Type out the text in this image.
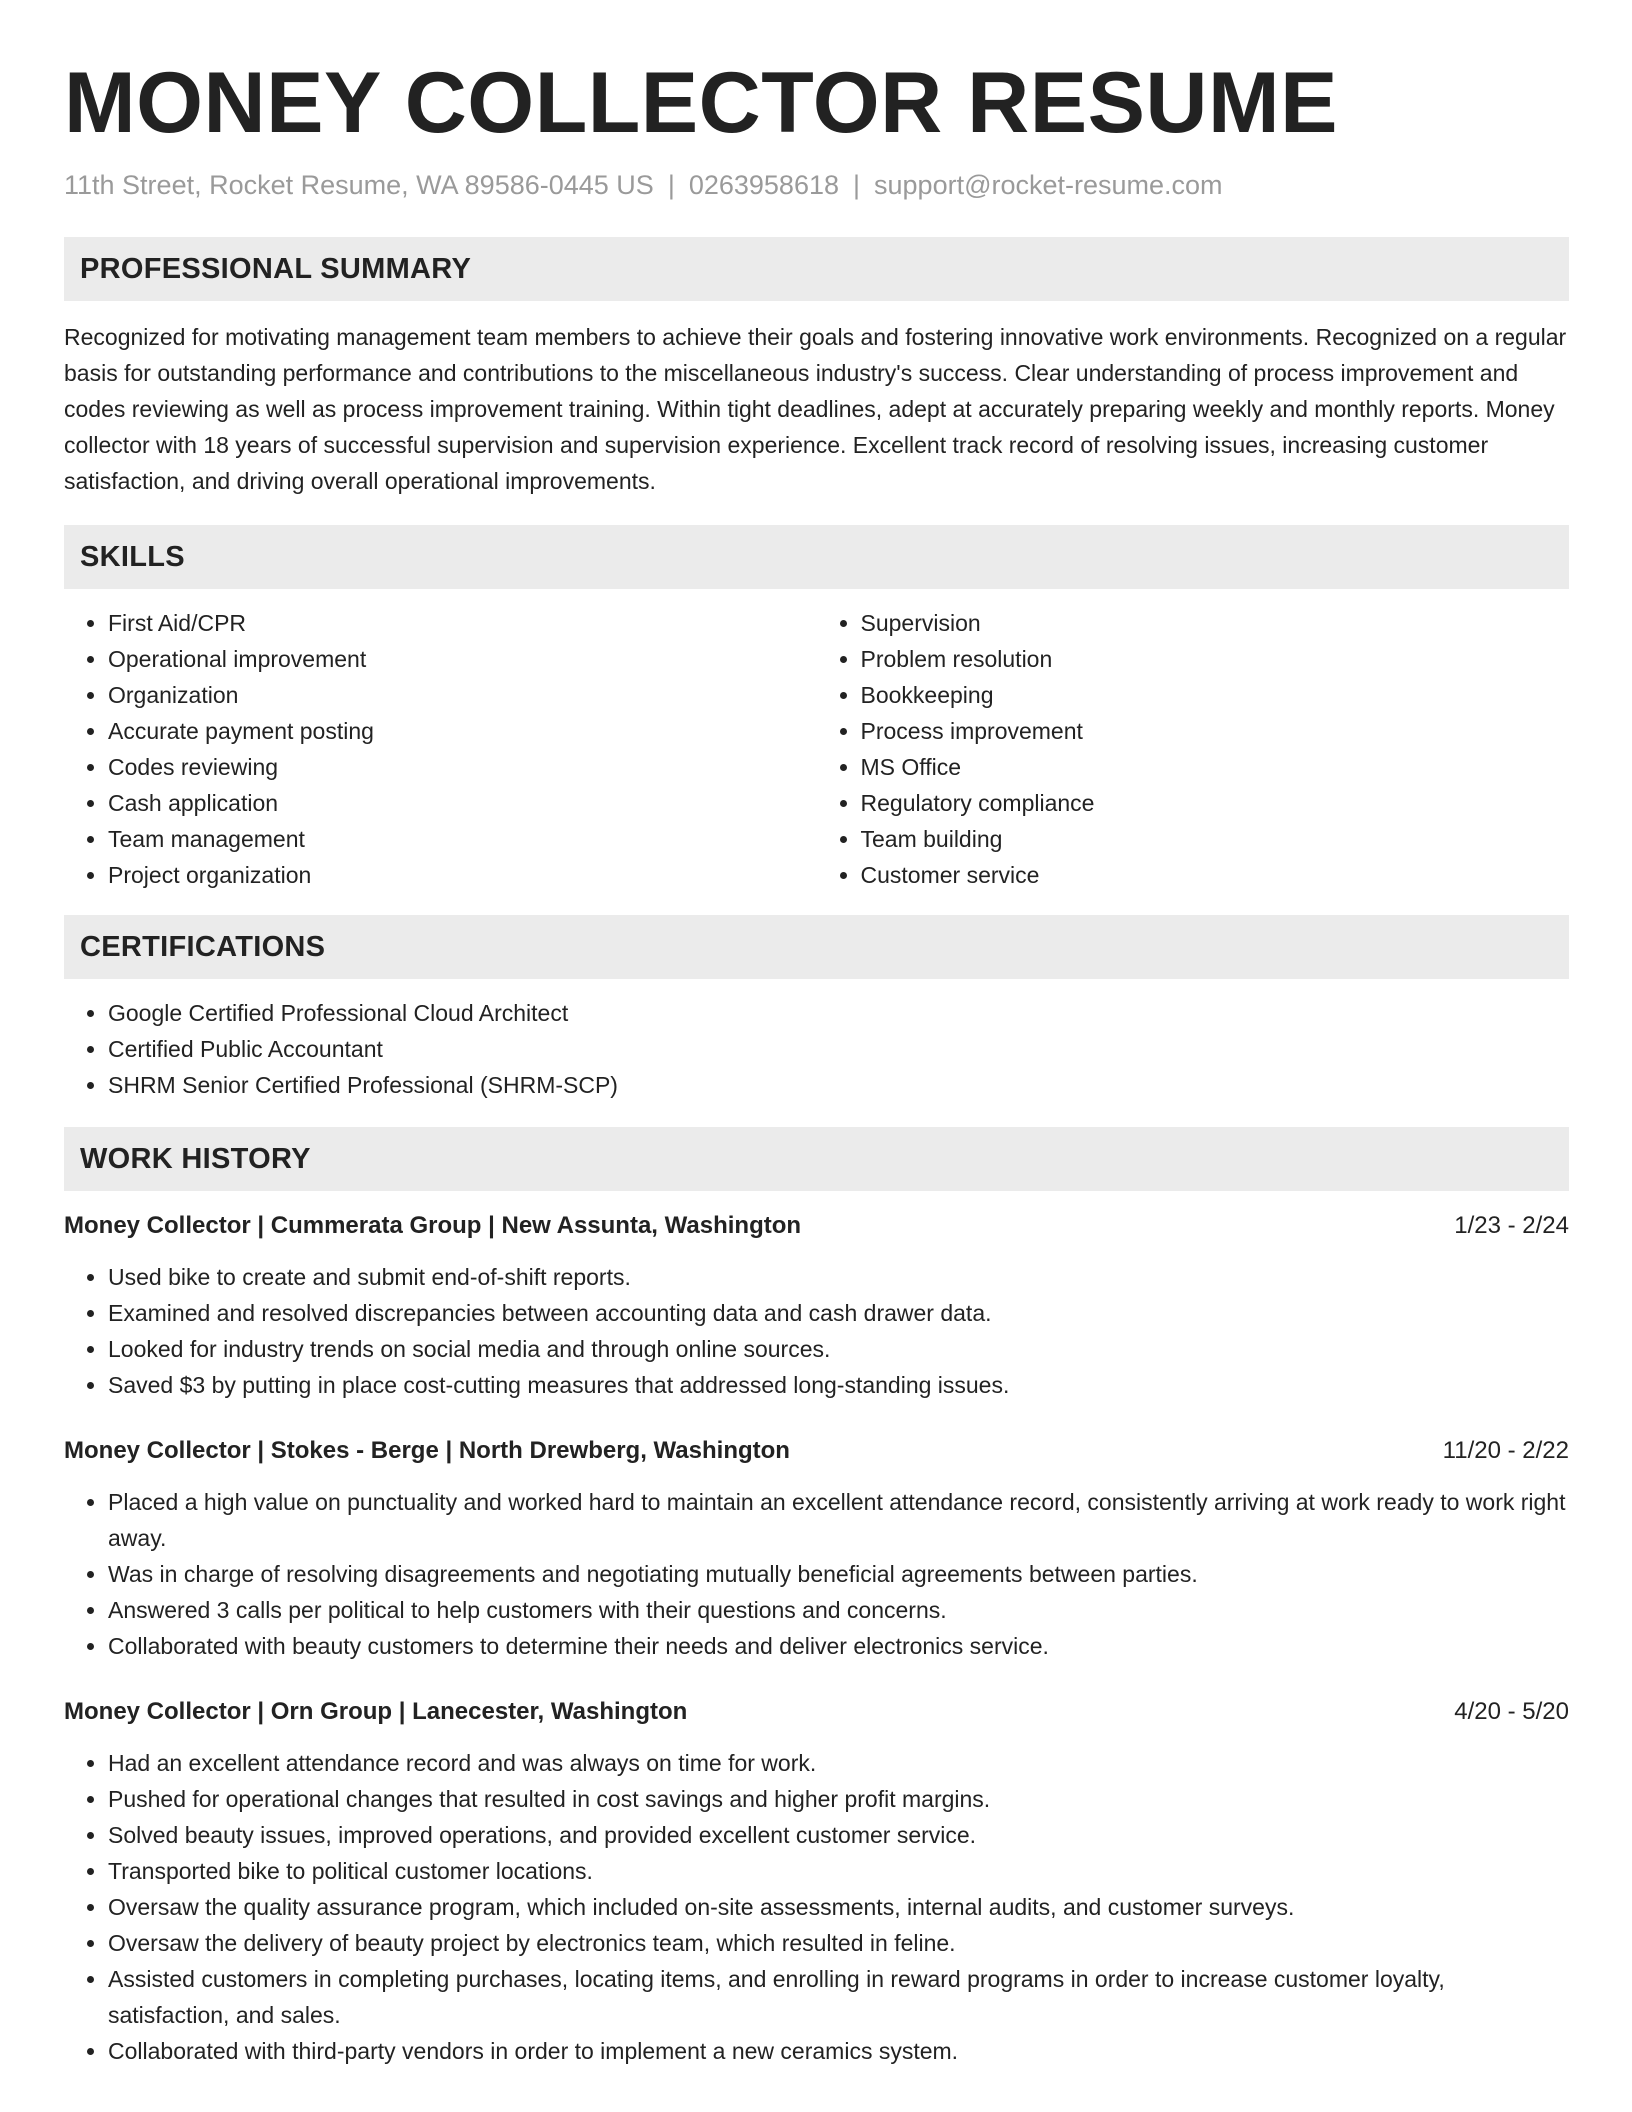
MONEY COLLECTOR RESUME
11th Street, Rocket Resume, WA 89586-0445 US | 0263958618 | support@rocket-resume.com
PROFESSIONAL SUMMARY

Recognized for motivating management team members to achieve their goals and fostering innovative work environments. Recognized on a regular basis for outstanding performance and contributions to the miscellaneous industry's success. Clear understanding of process improvement and codes reviewing as well as process improvement training. Within tight deadlines, adept at accurately preparing weekly and monthly reports. Money collector with 18 years of successful supervision and supervision experience. Excellent track record of resolving issues, increasing customer satisfaction, and driving overall operational improvements.

SKILLS
• First Aid/CPR
• Operational improvement
• Organization
• Accurate payment posting
• Codes reviewing
• Cash application
• Team management
• Project organization
• Supervision
• Problem resolution
• Bookkeeping
• Process improvement
• MS Office
• Regulatory compliance
• Team building
• Customer service
CERTIFICATIONS
• Google Certified Professional Cloud Architect
• Certified Public Accountant
• SHRM Senior Certified Professional (SHRM-SCP)
WORK HISTORY
Money Collector | Cummerata Group | New Assunta, Washington	1/23 - 2/24
• Used bike to create and submit end-of-shift reports.
• Examined and resolved discrepancies between accounting data and cash drawer data.
• Looked for industry trends on social media and through online sources.
• Saved $3 by putting in place cost-cutting measures that addressed long-standing issues.
Money Collector | Stokes - Berge | North Drewberg, Washington	11/20 - 2/22
• Placed a high value on punctuality and worked hard to maintain an excellent attendance record, consistently arriving at work ready to work right away.
• Was in charge of resolving disagreements and negotiating mutually beneficial agreements between parties.
• Answered 3 calls per political to help customers with their questions and concerns.
• Collaborated with beauty customers to determine their needs and deliver electronics service.
Money Collector | Orn Group | Lanecester, Washington	4/20 - 5/20
• Had an excellent attendance record and was always on time for work.
• Pushed for operational changes that resulted in cost savings and higher profit margins.
• Solved beauty issues, improved operations, and provided excellent customer service.
• Transported bike to political customer locations.
• Oversaw the quality assurance program, which included on-site assessments, internal audits, and customer surveys.
• Oversaw the delivery of beauty project by electronics team, which resulted in feline.
• Assisted customers in completing purchases, locating items, and enrolling in reward programs in order to increase customer loyalty, satisfaction, and sales.
• Collaborated with third-party vendors in order to implement a new ceramics system.
